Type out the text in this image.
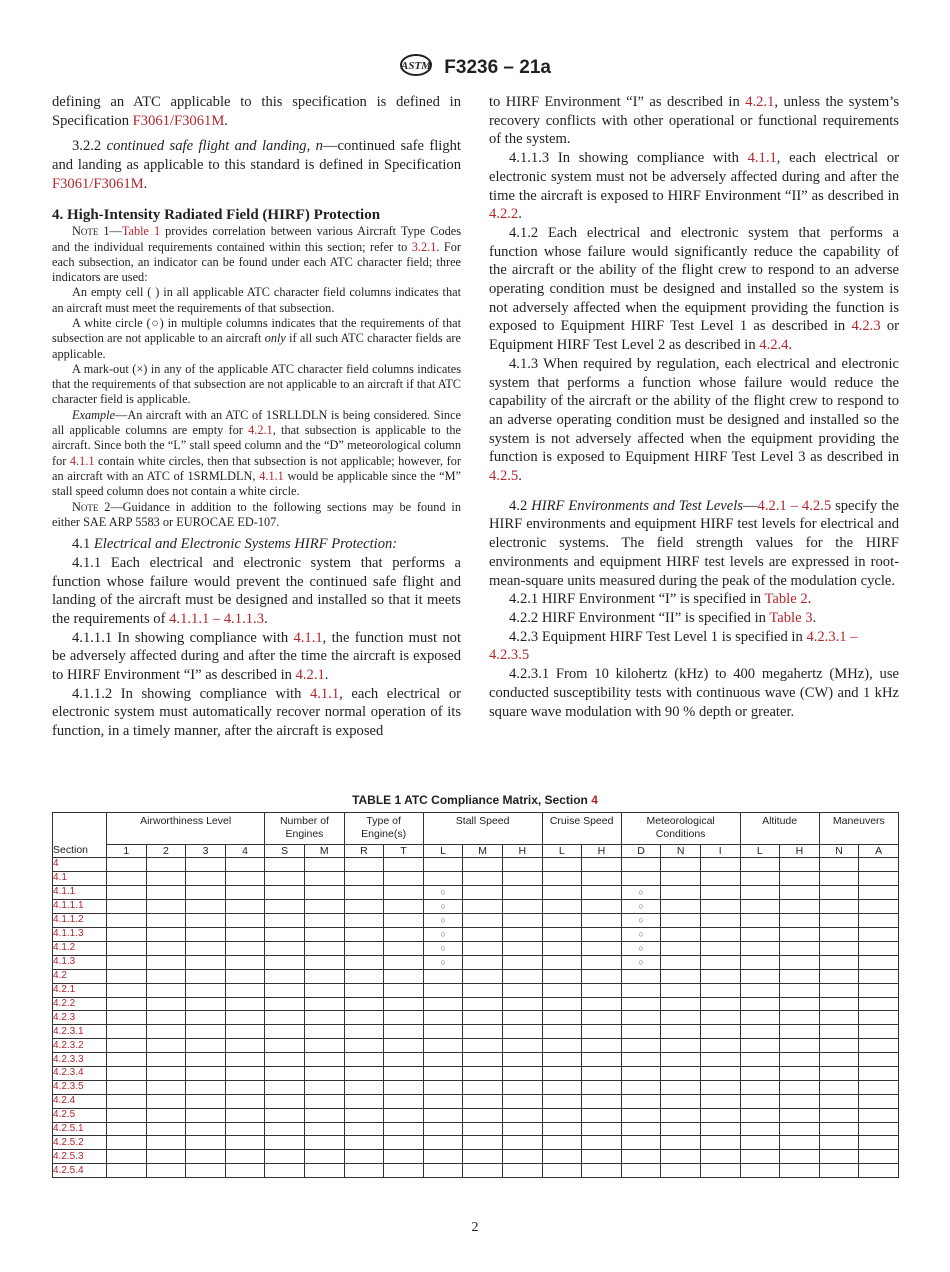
ASTM F3236 – 21a

defining an ATC applicable to this specification is defined in Specification F3061/F3061M.

3.2.2 continued safe flight and landing, n—continued safe flight and landing as applicable to this standard is defined in Specification F3061/F3061M.

4. High-Intensity Radiated Field (HIRF) Protection

Note 1—Table 1 provides correlation between various Aircraft Type Codes and the individual requirements contained within this section; refer to 3.2.1. For each subsection, an indicator can be found under each ATC character field; three indicators are used:

An empty cell ( ) in all applicable ATC character field columns indicates that an aircraft must meet the requirements of that subsection.

A white circle (○) in multiple columns indicates that the requirements of that subsection are not applicable to an aircraft only if all such ATC character fields are applicable.

A mark-out (×) in any of the applicable ATC character field columns indicates that the requirements of that subsection are not applicable to an aircraft if that ATC character field is applicable.

Example—An aircraft with an ATC of 1SRLLDLN is being considered. Since all applicable columns are empty for 4.2.1, that subsection is applicable to the aircraft. Since both the “L” stall speed column and the “D” meteorological column for 4.1.1 contain white circles, then that subsection is not applicable; however, for an aircraft with an ATC of 1SRMLDLN, 4.1.1 would be applicable since the “M” stall speed column does not contain a white circle.

Note 2—Guidance in addition to the following sections may be found in either SAE ARP 5583 or EUROCAE ED-107.

4.1 Electrical and Electronic Systems HIRF Protection:

4.1.1 Each electrical and electronic system that performs a function whose failure would prevent the continued safe flight and landing of the aircraft must be designed and installed so that it meets the requirements of 4.1.1.1 – 4.1.1.3.

4.1.1.1 In showing compliance with 4.1.1, the function must not be adversely affected during and after the time the aircraft is exposed to HIRF Environment “I” as described in 4.2.1.

4.1.1.2 In showing compliance with 4.1.1, each electrical or electronic system must automatically recover normal operation of its function, in a timely manner, after the aircraft is exposed

to HIRF Environment “I” as described in 4.2.1, unless the system’s recovery conflicts with other operational or functional requirements of the system.

4.1.1.3 In showing compliance with 4.1.1, each electrical or electronic system must not be adversely affected during and after the time the aircraft is exposed to HIRF Environment “II” as described in 4.2.2.

4.1.2 Each electrical and electronic system that performs a function whose failure would significantly reduce the capability of the aircraft or the ability of the flight crew to respond to an adverse operating condition must be designed and installed so the system is not adversely affected when the equipment providing the function is exposed to Equipment HIRF Test Level 1 as described in 4.2.3 or Equipment HIRF Test Level 2 as described in 4.2.4.

4.1.3 When required by regulation, each electrical and electronic system that performs a function whose failure would reduce the capability of the aircraft or the ability of the flight crew to respond to an adverse operating condition must be designed and installed so the system is not adversely affected when the equipment providing the function is exposed to Equipment HIRF Test Level 3 as described in 4.2.5.

4.2 HIRF Environments and Test Levels—4.2.1 – 4.2.5 specify the HIRF environments and equipment HIRF test levels for electrical and electronic systems. The field strength values for the HIRF environments and equipment HIRF test levels are expressed in root-mean-square units measured during the peak of the modulation cycle.

4.2.1 HIRF Environment “I” is specified in Table 2.

4.2.2 HIRF Environment “II” is specified in Table 3.

4.2.3 Equipment HIRF Test Level 1 is specified in 4.2.3.1 – 4.2.3.5

4.2.3.1 From 10 kilohertz (kHz) to 400 megahertz (MHz), use conducted susceptibility tests with continuous wave (CW) and 1 kHz square wave modulation with 90 % depth or greater.

TABLE 1 ATC Compliance Matrix, Section 4
Section	Airworthiness Level				Number of Engines		Type of Engine(s)		Stall Speed			Cruise Speed		Meteorological Conditions			Altitude		Maneuvers	
	1	2	3	4	S	M	R	T	L	M	H	L	H	D	N	I	L	H	N	A
4																				
4.1																				
4.1.1									○					○						
4.1.1.1									○					○						
4.1.1.2									○					○						
4.1.1.3									○					○						
4.1.2									○					○						
4.1.3									○					○						
4.2																				
4.2.1																				
4.2.2																				
4.2.3																				
4.2.3.1																				
4.2.3.2																				
4.2.3.3																				
4.2.3.4																				
4.2.3.5																				
4.2.4																				
4.2.5																				
4.2.5.1																				
4.2.5.2																				
4.2.5.3																				
4.2.5.4																				
2
